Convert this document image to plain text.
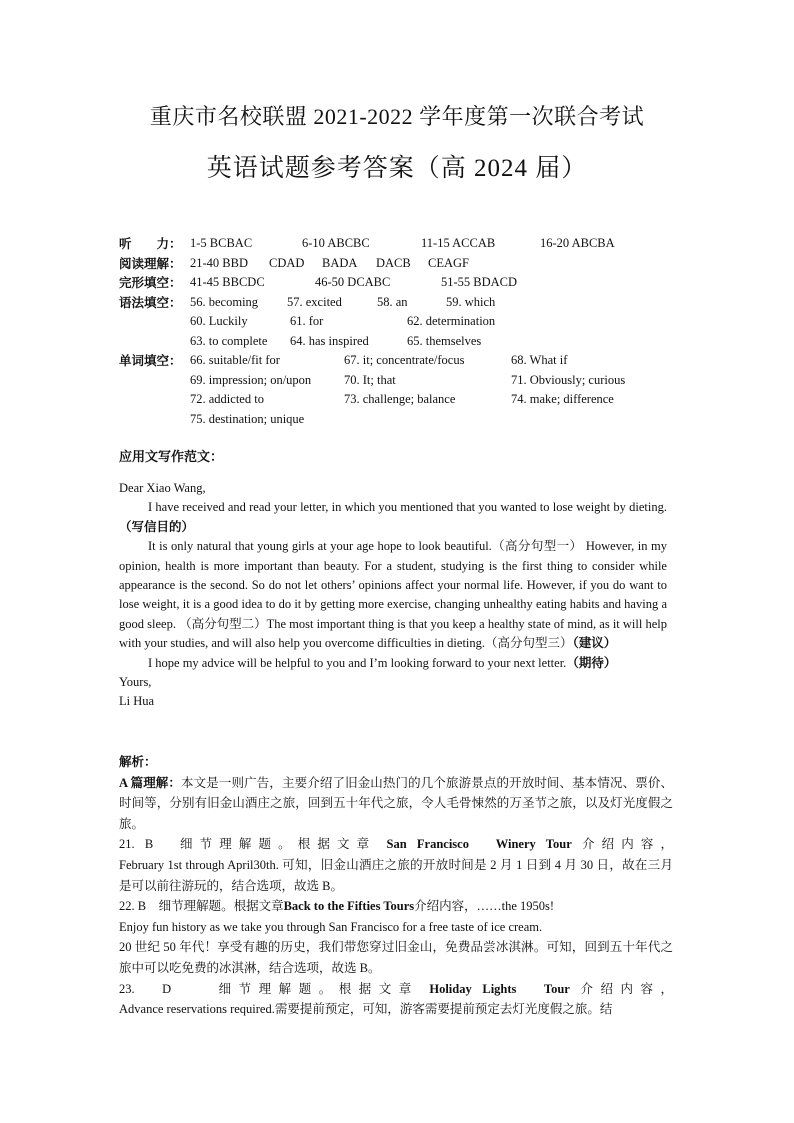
重庆市名校联盟 2021-2022 学年度第一次联合考试
英语试题参考答案（高 2024 届）
听　　力： 1-5 BCBAC	6-10 ABCBC	11-15 ACCAB	16-20 ABCBA
阅读理解： 21-40 BBD CDAD BADA DACB CEAGF
完形填空： 41-45 BBCDC	46-50 DCABC	51-55 BDACD
语法填空： 56. becoming 57. excited	58. an	59. which
60. Luckily	61. for	62. determination
63. to complete 64. has inspired	65. themselves
单词填空： 66. suitable/fit for	67. it; concentrate/focus	68. What if
69. impression; on/upon	70. It; that	71. Obviously; curious
72. addicted to	73. challenge; balance	74. make; difference
75. destination; unique
应用文写作范文：

Dear Xiao Wang,

I have received and read your letter, in which you mentioned that you wanted to lose weight by dieting.（写信目的）

It is only natural that young girls at your age hope to look beautiful.（高分句型一） However, in my opinion, health is more important than beauty. For a student, studying is the first thing to consider while appearance is the second. So do not let others’ opinions affect your normal life. However, if you do want to lose weight, it is a good idea to do it by getting more exercise, changing unhealthy eating habits and having a good sleep. （高分句型二）The most important thing is that you keep a healthy state of mind, as it will help with your studies, and will also help you overcome difficulties in dieting.（高分句型三）（建议）

I hope my advice will be helpful to you and I’m looking forward to your next letter.（期待）

Yours,

Li Hua

解析：

A 篇理解：本文是一则广告，主要介绍了旧金山热门的几个旅游景点的开放时间、基本情况、票价、时间等，分别有旧金山酒庄之旅，回到五十年代之旅，令人毛骨悚然的万圣节之旅，以及灯光度假之旅。

21. B　细节理解题。根据文章 San Francisco　Winery Tour 介绍内容，

February 1st through April30th. 可知，旧金山酒庄之旅的开放时间是 2 月 1 日到 4 月 30 日，故在三月是可以前往游玩的，结合选项，故选 B。

22. B　细节理解题。根据文章Back to the Fifties Tours介绍内容，……the 1950s!

Enjoy fun history as we take you through San Francisco for a free taste of ice cream.

20 世纪 50 年代！享受有趣的历史，我们带您穿过旧金山，免费品尝冰淇淋。可知，回到五十年代之旅中可以吃免费的冰淇淋，结合选项，故选 B。

23.　D　　细节理解题。根据文章 Holiday Lights　Tour 介绍内容，

Advance reservations required.需要提前预定，可知，游客需要提前预定去灯光度假之旅。结
